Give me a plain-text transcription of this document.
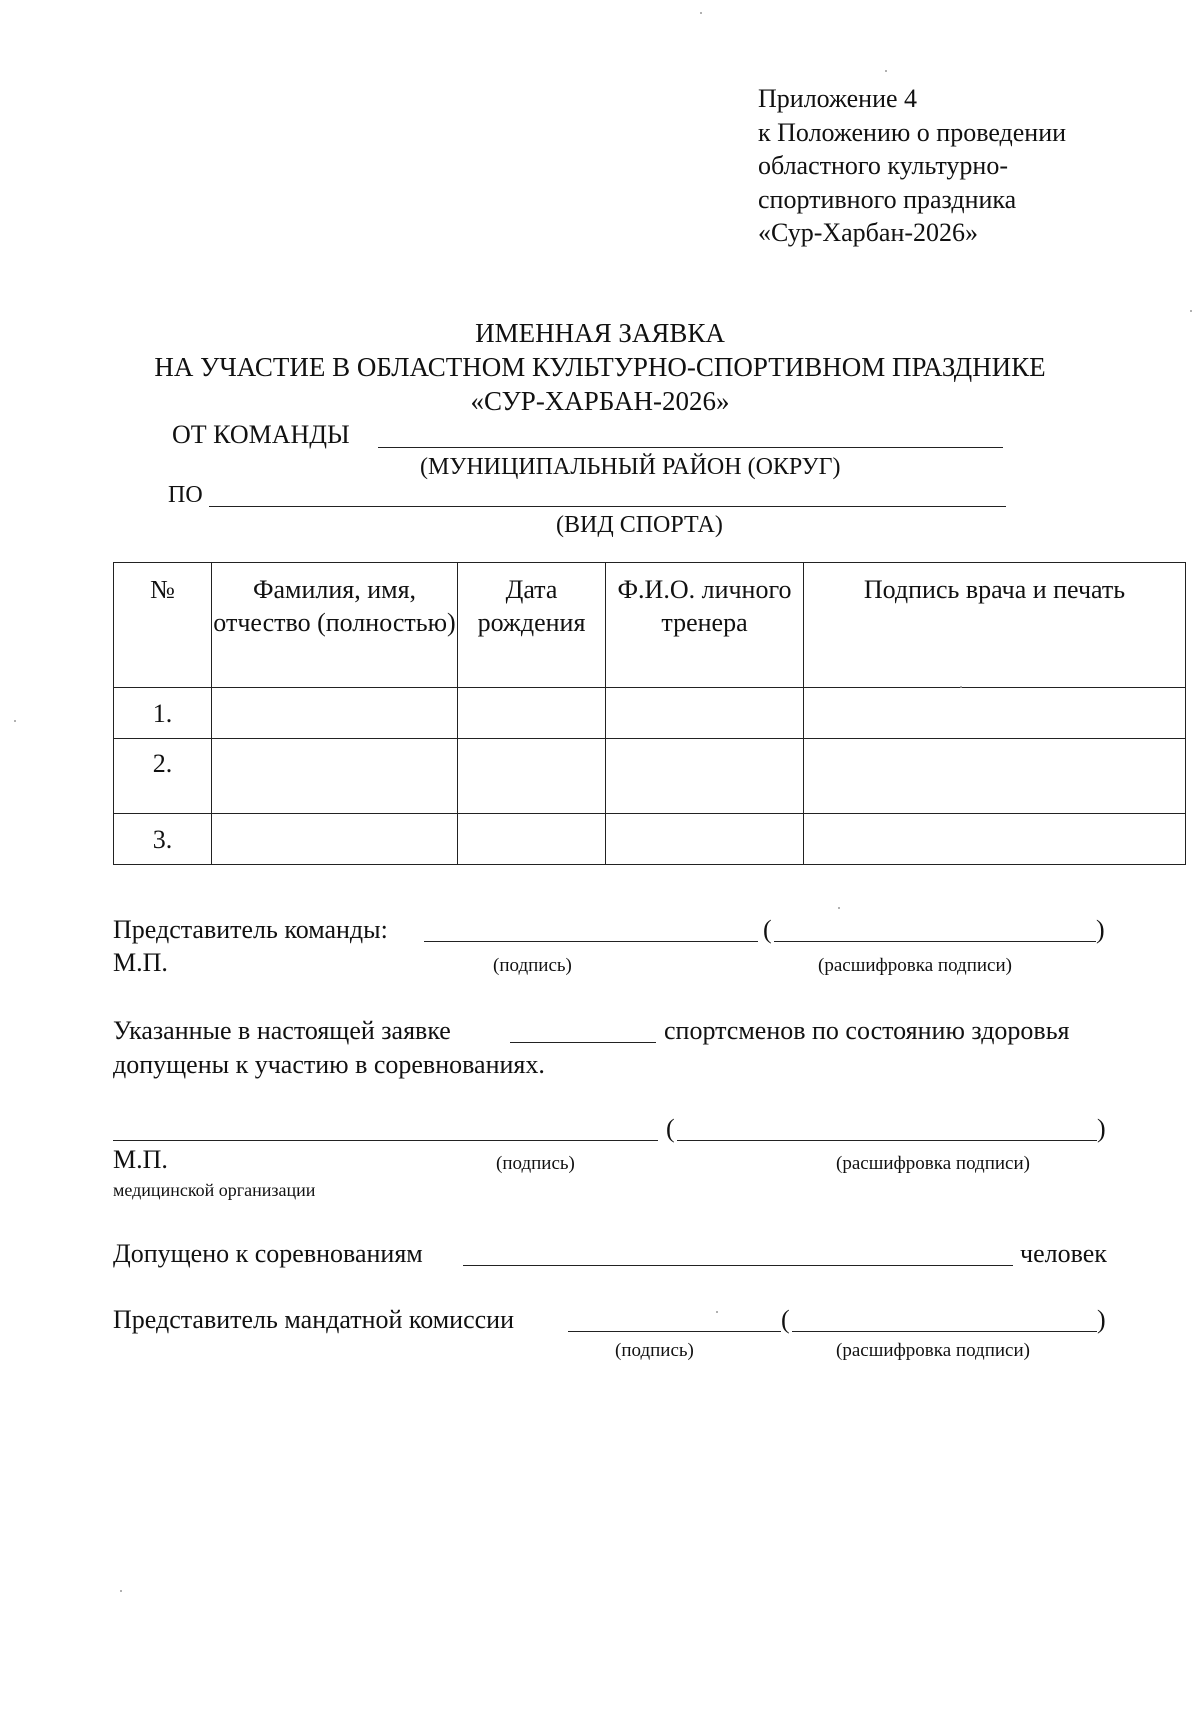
Приложение 4
к Положению о проведении
областного культурно-
спортивного праздника
«Сур-Харбан-2026»
ИМЕННАЯ ЗАЯВКА
НА УЧАСТИЕ В ОБЛАСТНОМ КУЛЬТУРНО-СПОРТИВНОМ ПРАЗДНИКЕ
«СУР-ХАРБАН-2026»
ОТ КОМАНДЫ
(МУНИЦИПАЛЬНЫЙ РАЙОН (ОКРУГ)
ПО
(ВИД СПОРТА)
№	Фамилия, имя, отчество (полностью)	Дата рождения	Ф.И.О. личного тренера	Подпись врача и печать
1.				
2.				
3.				
Представитель команды:	(	)
М.П.	(подпись)	(расшифровка подписи)
Указанные в настоящей заявке	спортсменов по состоянию здоровья
допущены к участию в соревнованиях.
(	)
М.П.	(подпись)	(расшифровка подписи)
медицинской организации
Допущено к соревнованиям	человек
Представитель мандатной комиссии	(	)
(подпись)	(расшифровка подписи)
